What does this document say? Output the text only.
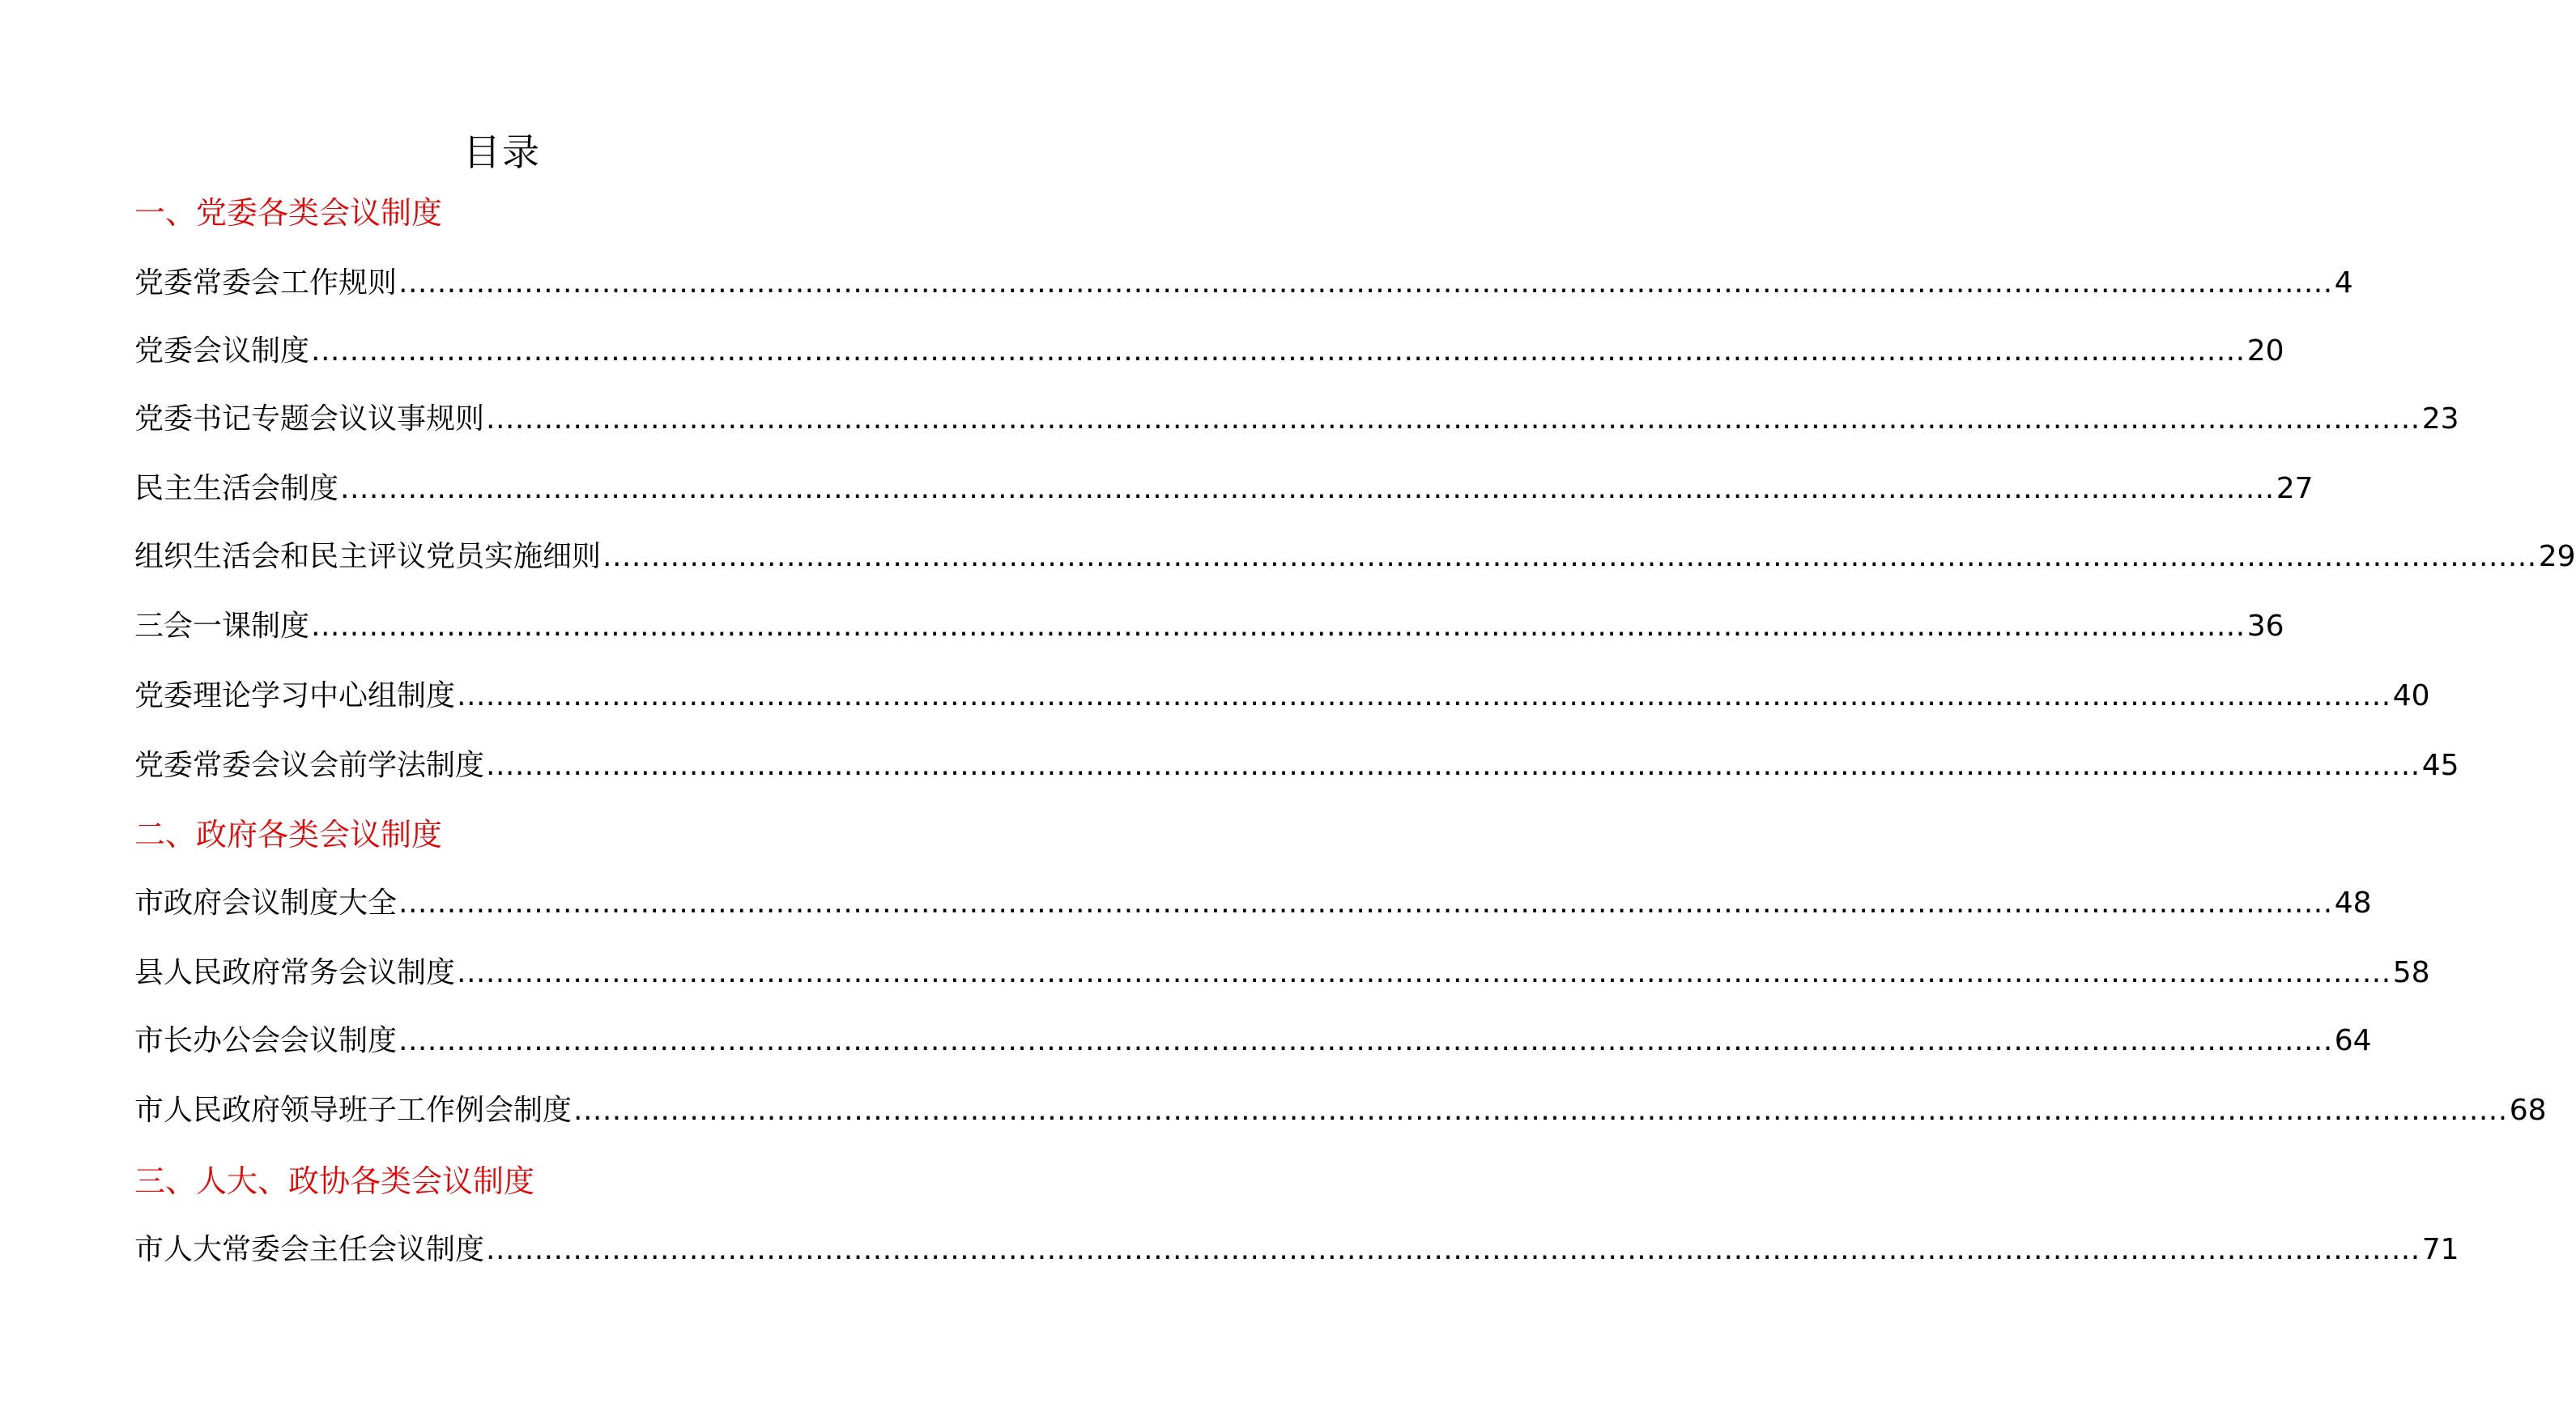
目录
一、党委各类会议制度
党委常委会工作规则 ........................................................................................................................................................................................................ 4
党委会议制度 ........................................................................................................................................................................................................ 20
党委书记专题会议议事规则 ........................................................................................................................................................................................................ 23
民主生活会制度 ........................................................................................................................................................................................................ 27
组织生活会和民主评议党员实施细则 ........................................................................................................................................................................................................ 29
三会一课制度 ........................................................................................................................................................................................................ 36
党委理论学习中心组制度 ........................................................................................................................................................................................................ 40
党委常委会议会前学法制度 ........................................................................................................................................................................................................ 45
二、政府各类会议制度
市政府会议制度大全 ........................................................................................................................................................................................................ 48
县人民政府常务会议制度 ........................................................................................................................................................................................................ 58
市长办公会会议制度 ........................................................................................................................................................................................................ 64
市人民政府领导班子工作例会制度 ........................................................................................................................................................................................................ 68
三、人大、政协各类会议制度
市人大常委会主任会议制度 ........................................................................................................................................................................................................ 71
